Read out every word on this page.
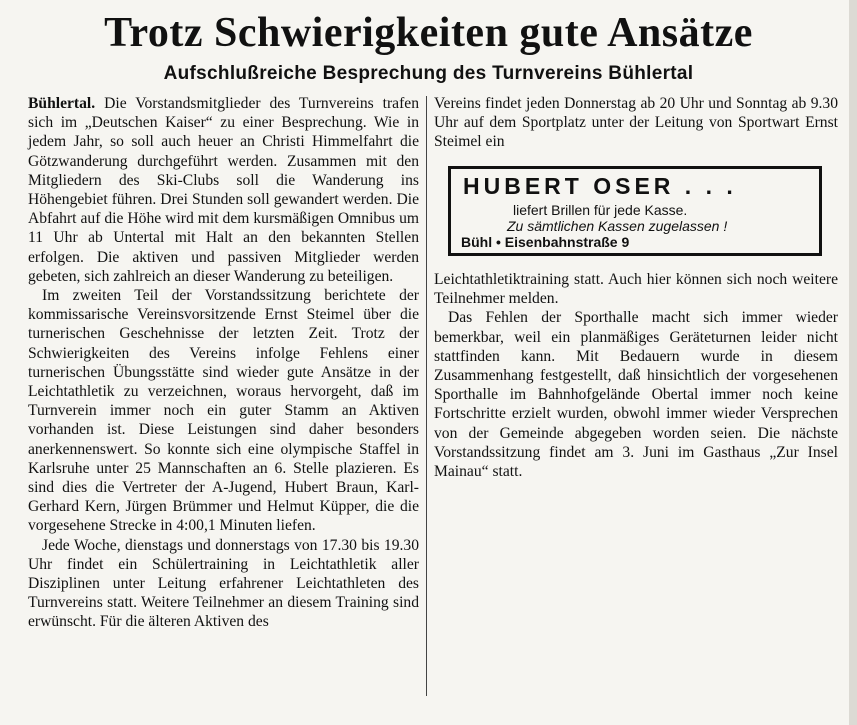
Trotz Schwierigkeiten gute Ansätze
Aufschlußreiche Besprechung des Turnvereins Bühlertal

Bühlertal. Die Vorstandsmitglieder des Turnvereins trafen sich im „Deutschen Kaiser“ zu einer Besprechung. Wie in jedem Jahr, so soll auch heuer an Christi Himmelfahrt die Götzwanderung durchgeführt werden. Zusammen mit den Mitgliedern des Ski-Clubs soll die Wanderung ins Höhengebiet führen. Drei Stunden soll gewandert werden. Die Abfahrt auf die Höhe wird mit dem kursmäßigen Omnibus um 11 Uhr ab Untertal mit Halt an den bekannten Stellen erfolgen. Die aktiven und passiven Mitglieder werden gebeten, sich zahlreich an dieser Wanderung zu beteiligen.

Im zweiten Teil der Vorstandssitzung berichtete der kommissarische Vereinsvorsitzende Ernst Steimel über die turnerischen Geschehnisse der letzten Zeit. Trotz der Schwierigkeiten des Vereins infolge Fehlens einer turnerischen Übungsstätte sind wieder gute Ansätze in der Leichtathletik zu verzeichnen, woraus hervorgeht, daß im Turnverein immer noch ein guter Stamm an Aktiven vorhanden ist. Diese Leistungen sind daher besonders anerkennenswert. So konnte sich eine olympische Staffel in Karlsruhe unter 25 Mannschaften an 6. Stelle plazieren. Es sind dies die Vertreter der A-Jugend, Hubert Braun, Karl-Gerhard Kern, Jürgen Brümmer und Helmut Küpper, die die vorgesehene Strecke in 4:00,1 Minuten liefen.

Jede Woche, dienstags und donnerstags von 17.30 bis 19.30 Uhr findet ein Schülertraining in Leichtathletik aller Disziplinen unter Leitung erfahrener Leichtathleten des Turnvereins statt. Weitere Teilnehmer an diesem Training sind erwünscht. Für die älteren Aktiven des

Vereins findet jeden Donnerstag ab 20 Uhr und Sonntag ab 9.30 Uhr auf dem Sportplatz unter der Leitung von Sportwart Ernst Steimel ein

HUBERT OSER . . .
liefert Brillen für jede Kasse.
Zu sämtlichen Kassen zugelassen !
Bühl • Eisenbahnstraße 9

Leichtathletiktraining statt. Auch hier können sich noch weitere Teilnehmer melden.

Das Fehlen der Sporthalle macht sich immer wieder bemerkbar, weil ein planmäßiges Geräteturnen leider nicht stattfinden kann. Mit Bedauern wurde in diesem Zusammenhang festgestellt, daß hinsichtlich der vorgesehenen Sporthalle im Bahnhofgelände Obertal immer noch keine Fortschritte erzielt wurden, obwohl immer wieder Versprechen von der Gemeinde abgegeben worden seien. Die nächste Vorstandssitzung findet am 3. Juni im Gasthaus „Zur Insel Mainau“ statt.
